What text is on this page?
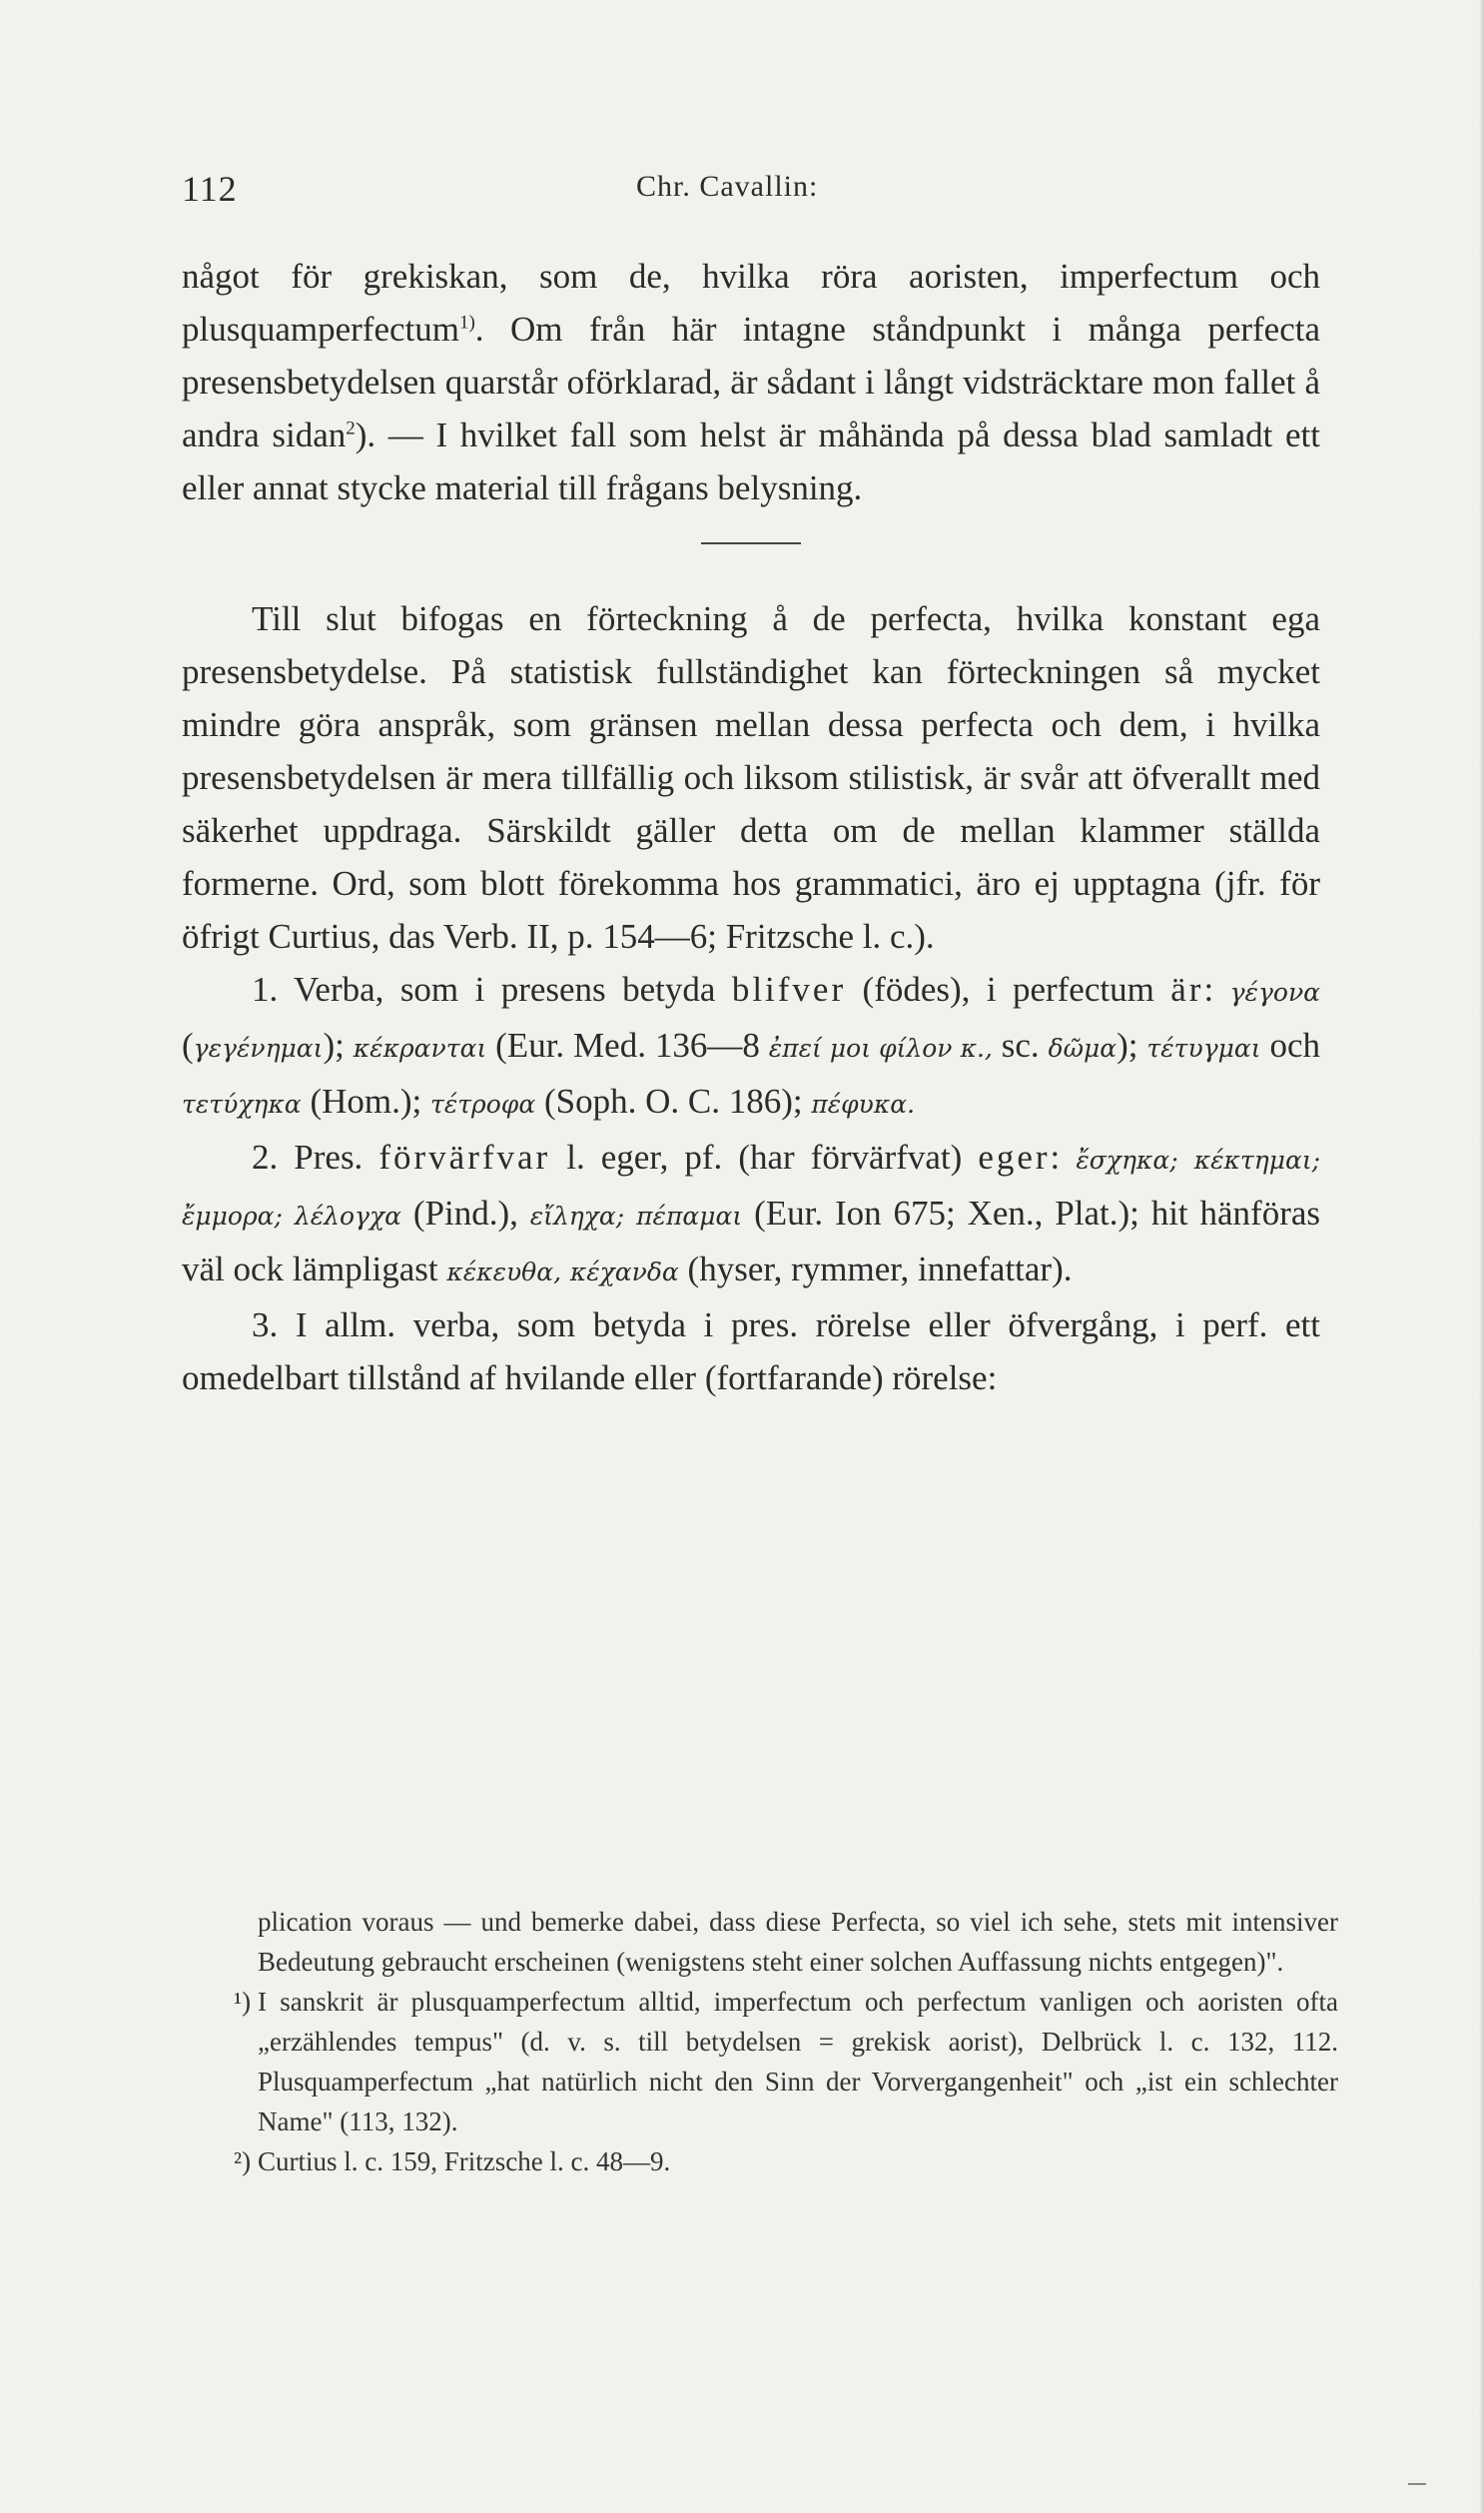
112	Chr. Cavallin:

något för grekiskan, som de, hvilka röra aoristen, imperfectum och plusquamperfectum$^{1)}$. Om från här intagne ståndpunkt i många perfecta presensbetydelsen quarstår oförklarad, är sådant i långt vidsträcktare mon fallet å andra sidan$^2$). — I hvilket fall som helst är måhända på dessa blad samladt ett eller annat stycke material till frågans belysning.

Till slut bifogas en förteckning å de perfecta, hvilka konstant ega presensbetydelse. På statistisk fullständighet kan förteckningen så mycket mindre göra anspråk, som gränsen mellan dessa perfecta och dem, i hvilka presensbetydelsen är mera tillfällig och liksom stilistisk, är svår att öfverallt med säkerhet uppdraga. Särskildt gäller detta om de mellan klammer ställda formerne. Ord, som blott förekomma hos grammatici, äro ej upptagna (jfr. för öfrigt Curtius, das Verb. II, p. 154—6; Fritzsche l. c.).

1. Verba, som i presens betyda blifver (födes), i perfectum är: γέγονα (γεγένημαι); κέκρανται (Eur. Med. 136—8 ἐπεί μοι φίλον κ., sc. δῶμα); τέτυγμαι och τετύχηκα (Hom.); τέτροφα (Soph. O. C. 186); πέφυκα.

2. Pres. förvärfvar l. eger, pf. (har förvärfvat) eger: ἔσχηκα; κέκτημαι; ἔμμορα; λέλογχα (Pind.), εἴληχα; πέπαμαι (Eur. Ion 675; Xen., Plat.); hit hänföras väl ock lämpligast κέκευθα, κέχανδα (hyser, rymmer, innefattar).

3. I allm. verba, som betyda i pres. rörelse eller öfvergång, i perf. ett omedelbart tillstånd af hvilande eller (fortfarande) rörelse:

plication voraus — und bemerke dabei, dass diese Perfecta, so viel ich sehe, stets mit intensiver Bedeutung gebraucht erscheinen (wenigstens steht einer solchen Auffassung nichts entgegen)".

¹) I sanskrit är plusquamperfectum alltid, imperfectum och perfectum vanligen och aoristen ofta „erzählendes tempus" (d. v. s. till betydelsen = grekisk aorist), Delbrück l. c. 132, 112. Plusquamperfectum „hat natürlich nicht den Sinn der Vorvergangenheit" och „ist ein schlechter Name" (113, 132).

²) Curtius l. c. 159, Fritzsche l. c. 48—9.
